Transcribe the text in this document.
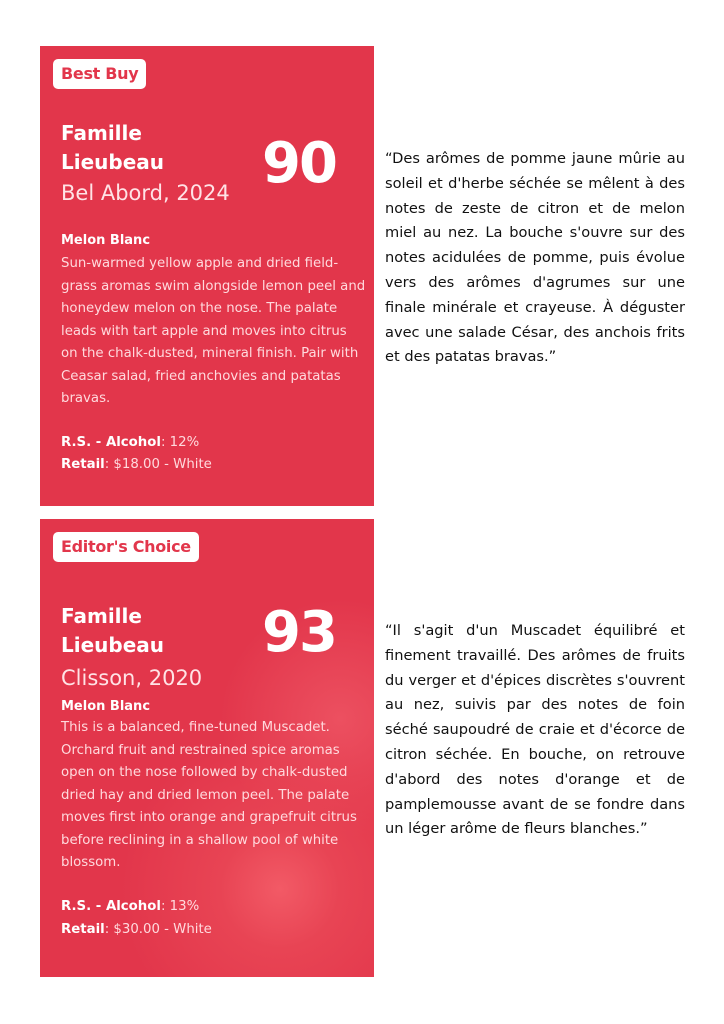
Best Buy
Famille Lieubeau
Bel Abord, 2024 90
Melon Blanc
Sun-warmed yellow apple and dried field-grass aromas swim alongside lemon peel and honeydew melon on the nose. The palate leads with tart apple and moves into citrus on the chalk-dusted, mineral finish. Pair with Ceasar salad, fried anchovies and patatas bravas.
R.S. - Alcohol: 12%
Retail: $18.00 - White
“Des arômes de pomme jaune mûrie au soleil et d'herbe séchée se mêlent à des notes de zeste de citron et de melon miel au nez. La bouche s'ouvre sur des notes acidulées de pomme, puis évolue vers des arômes d'agrumes sur une finale minérale et crayeuse. À déguster avec une salade César, des anchois frits et des patatas bravas.”
Editor's Choice
Famille Lieubeau
Clisson, 2020
93
Melon Blanc
This is a balanced, fine-tuned Muscadet. Orchard fruit and restrained spice aromas open on the nose followed by chalk-dusted dried hay and dried lemon peel. The palate moves first into orange and grapefruit citrus before reclining in a shallow pool of white blossom.
R.S. - Alcohol: 13%
Retail: $30.00 - White
“Il s'agit d'un Muscadet équilibré et finement travaillé. Des arômes de fruits du verger et d'épices discrètes s'ouvrent au nez, suivis par des notes de foin séché saupoudré de craie et d'écorce de citron séchée. En bouche, on retrouve d'abord des notes d'orange et de pamplemousse avant de se fondre dans un léger arôme de fleurs blanches.”
